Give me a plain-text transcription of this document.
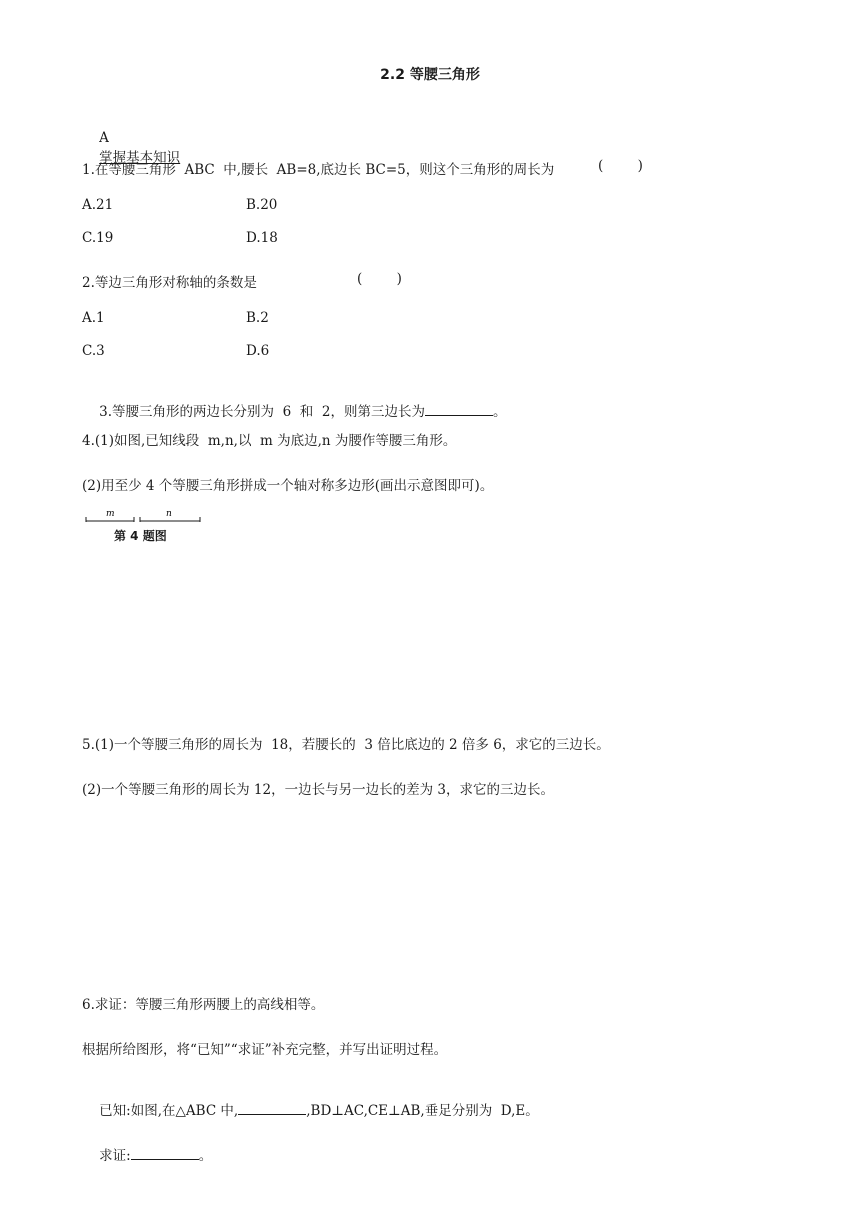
2.2 等腰三角形

A
掌握基本知识

1.在等腰三角形  ABC  中,腰长  AB=8,底边长 BC=5，则这个三角形的周长为	(        )
A.21	B.20
C.19	D.18
2.等边三角形对称轴的条数是	(        )
A.1	B.2
C.3	D.6

3.等腰三角形的两边长分别为  6  和  2，则第三边长为	。

4.(1)如图,已知线段  m,n,以  m 为底边,n 为腰作等腰三角形。
(2)用至少 4 个等腰三角形拼成一个轴对称多边形(画出示意图即可)。
m	n
第 4 题图
5.(1)一个等腰三角形的周长为  18，若腰长的  3 倍比底边的 2 倍多 6，求它的三边长。
(2)一个等腰三角形的周长为 12，一边长与另一边长的差为 3，求它的三边长。
6.求证：等腰三角形两腰上的高线相等。
根据所给图形，将“已知”“求证”补充完整，并写出证明过程。

已知:如图,在△ABC 中,	,BD⊥AC,CE⊥AB,垂足分别为  D,E。

求证:	。
